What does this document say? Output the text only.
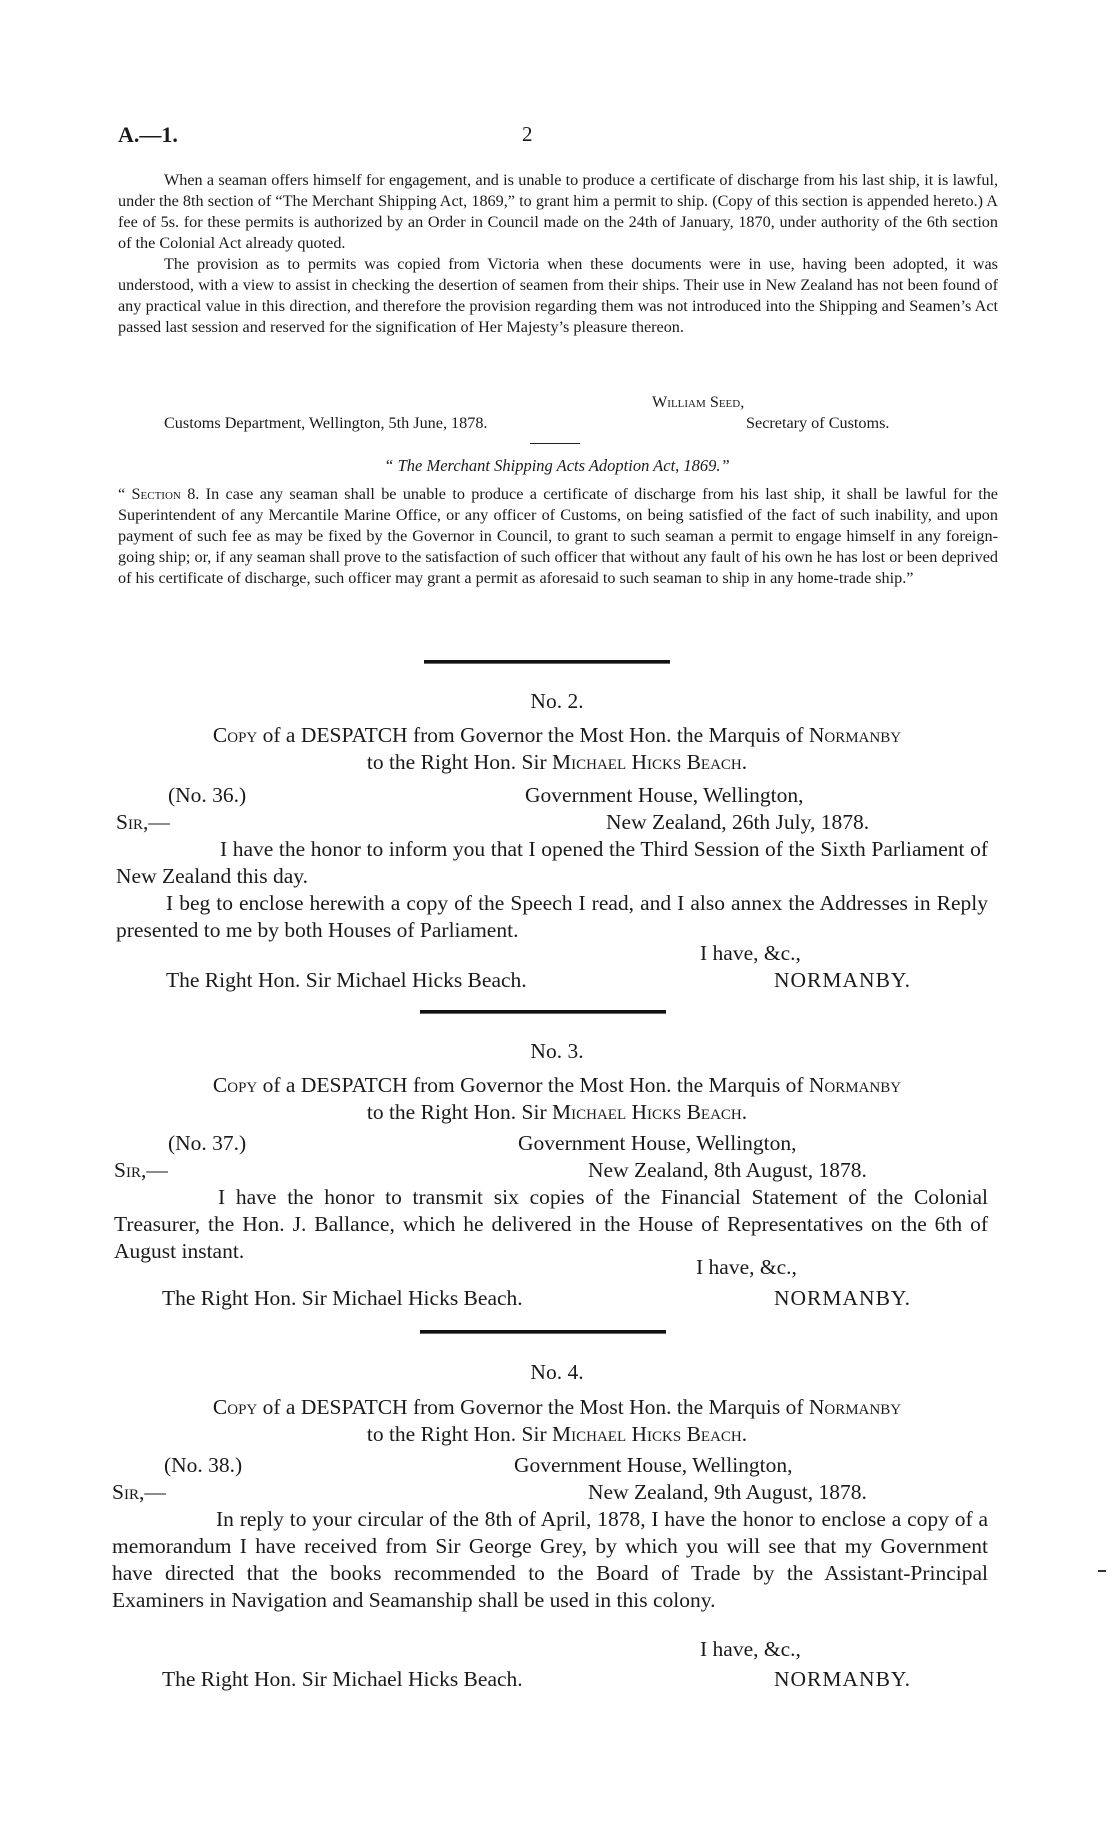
A.—1.	2

When a seaman offers himself for engagement, and is unable to produce a certificate of discharge from his last ship, it is lawful, under the 8th section of “The Merchant Shipping Act, 1869,” to grant him a permit to ship. (Copy of this section is appended hereto.) A fee of 5s. for these permits is authorized by an Order in Council made on the 24th of January, 1870, under authority of the 6th section of the Colonial Act already quoted.

The provision as to permits was copied from Victoria when these documents were in use, having been adopted, it was understood, with a view to assist in checking the desertion of seamen from their ships. Their use in New Zealand has not been found of any practical value in this direction, and therefore the provision regarding them was not introduced into the Shipping and Seamen’s Act passed last session and reserved for the signification of Her Majesty’s pleasure thereon.

William Seed,
Customs Department, Wellington, 5th June, 1878.	Secretary of Customs.
“ The Merchant Shipping Acts Adoption Act, 1869.”

“ Section 8. In case any seaman shall be unable to produce a certificate of discharge from his last ship, it shall be lawful for the Superintendent of any Mercantile Marine Office, or any officer of Customs, on being satisfied of the fact of such inability, and upon payment of such fee as may be fixed by the Governor in Council, to grant to such seaman a permit to engage himself in any foreign-going ship; or, if any seaman shall prove to the satisfaction of such officer that without any fault of his own he has lost or been deprived of his certificate of discharge, such officer may grant a permit as aforesaid to such seaman to ship in any home-trade ship.”

No. 2.
Copy of a DESPATCH from Governor the Most Hon. the Marquis of Normanby
to the Right Hon. Sir Michael Hicks Beach.
(No. 36.)	Government House, Wellington,
Sir,—	New Zealand, 26th July, 1878.

I have the honor to inform you that I opened the Third Session of the Sixth Parliament of New Zealand this day.

I beg to enclose herewith a copy of the Speech I read, and I also annex the Addresses in Reply presented to me by both Houses of Parliament.

I have, &c.,
The Right Hon. Sir Michael Hicks Beach.	NORMANBY.
No. 3.
Copy of a DESPATCH from Governor the Most Hon. the Marquis of Normanby
to the Right Hon. Sir Michael Hicks Beach.
(No. 37.)	Government House, Wellington,
Sir,—	New Zealand, 8th August, 1878.

I have the honor to transmit six copies of the Financial Statement of the Colonial Treasurer, the Hon. J. Ballance, which he delivered in the House of Representatives on the 6th of August instant.

I have, &c.,
The Right Hon. Sir Michael Hicks Beach.	NORMANBY.
No. 4.
Copy of a DESPATCH from Governor the Most Hon. the Marquis of Normanby
to the Right Hon. Sir Michael Hicks Beach.
(No. 38.)	Government House, Wellington,
Sir,—	New Zealand, 9th August, 1878.

In reply to your circular of the 8th of April, 1878, I have the honor to enclose a copy of a memorandum I have received from Sir George Grey, by which you will see that my Government have directed that the books recommended to the Board of Trade by the Assistant-Principal Examiners in Navigation and Seamanship shall be used in this colony.

I have, &c.,
The Right Hon. Sir Michael Hicks Beach.	NORMANBY.
